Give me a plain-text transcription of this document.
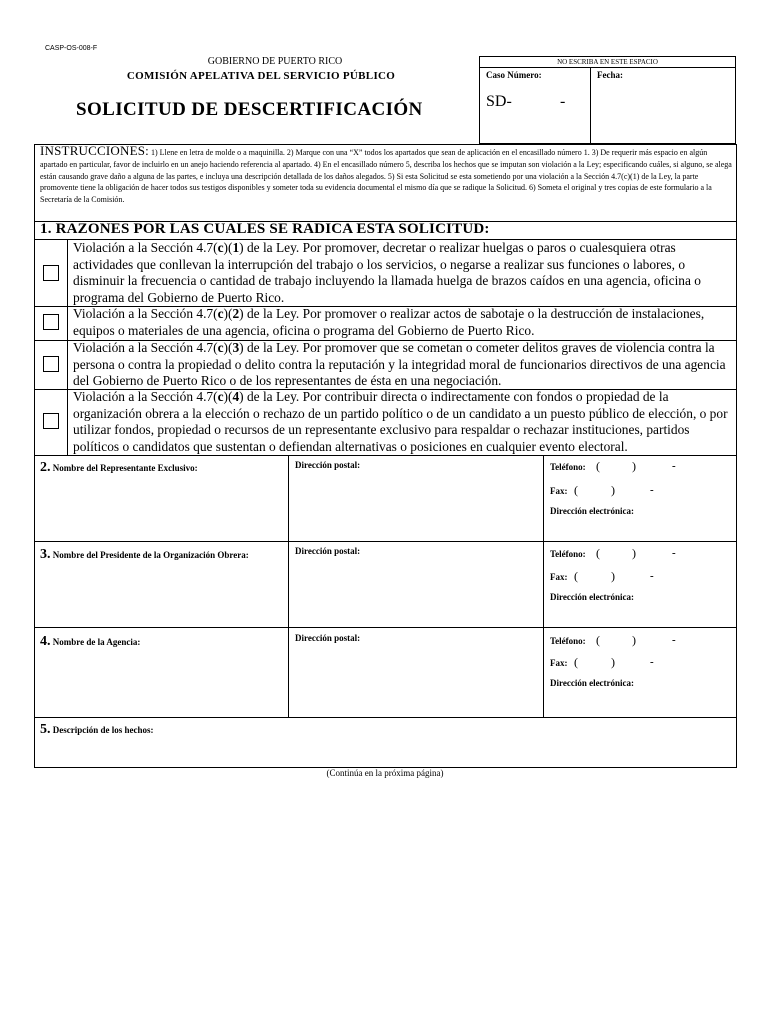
CASP-OS-008-F
GOBIERNO DE PUERTO RICO
COMISIÓN APELATIVA DEL SERVICIO PÚBLICO
SOLICITUD DE DESCERTIFICACIÓN
NO ESCRIBA EN ESTE ESPACIO
Caso Número:	Fecha:
SD-	-
INSTRUCCIONES: 1) Llene en letra de molde o a maquinilla. 2) Marque con una “X” todos los apartados que sean de aplicación en el encasillado número 1. 3) De requerir más espacio en algún apartado en particular, favor de incluirlo en un anejo haciendo referencia al apartado. 4) En el encasillado número 5, describa los hechos que se imputan son violación a la Ley; especificando cuáles, si alguno, se alega están causando grave daño a alguna de las partes, e incluya una descripción detallada de los daños alegados. 5) Si esta Solicitud se esta sometiendo por una violación a la Sección 4.7(c)(1) de la Ley, la parte promovente tiene la obligación de hacer todos sus testigos disponibles y someter toda su evidencia documental el mismo día que se radique la Solicitud. 6) Someta el original y tres copias de este formulario a la Secretaría de la Comisión.
1. RAZONES POR LAS CUALES SE RADICA ESTA SOLICITUD:
Violación a la Sección 4.7(c)(1) de la Ley. Por promover, decretar o realizar huelgas o paros o cualesquiera otras actividades que conllevan la interrupción del trabajo o los servicios, o negarse a realizar sus funciones o labores, o disminuir la frecuencia o cantidad de trabajo incluyendo la llamada huelga de brazos caídos en una agencia, oficina o programa del Gobierno de Puerto Rico.
Violación a la Sección 4.7(c)(2) de la Ley. Por promover o realizar actos de sabotaje o la destrucción de instalaciones, equipos o materiales de una agencia, oficina o programa del Gobierno de Puerto Rico.
Violación a la Sección 4.7(c)(3) de la Ley. Por promover que se cometan o cometer delitos graves de violencia contra la persona o contra la propiedad o delito contra la reputación y la integridad moral de funcionarios directivos de una agencia del Gobierno de Puerto Rico o de los representantes de ésta en una negociación.
Violación a la Sección 4.7(c)(4) de la Ley. Por contribuir directa o indirectamente con fondos o propiedad de la organización obrera a la elección o rechazo de un partido político o de un candidato a un puesto público de elección, o por utilizar fondos, propiedad o recursos de un representante exclusivo para respaldar o rechazar instituciones, partidos políticos o candidatos que sustentan o defiendan alternativas o posiciones en cualquier evento electoral.
2. Nombre del Representante Exclusivo:	Dirección postal:	Teléfono: (	)	-
Fax: (	)	-
Dirección electrónica:
3. Nombre del Presidente de la Organización Obrera:	Dirección postal:	Teléfono: (	)	-
Fax: (	)	-
Dirección electrónica:
4. Nombre de la Agencia:	Dirección postal:	Teléfono: (	)	-
Fax: (	)	-
Dirección electrónica:
5. Descripción de los hechos:
(Continúa en la próxima página)
